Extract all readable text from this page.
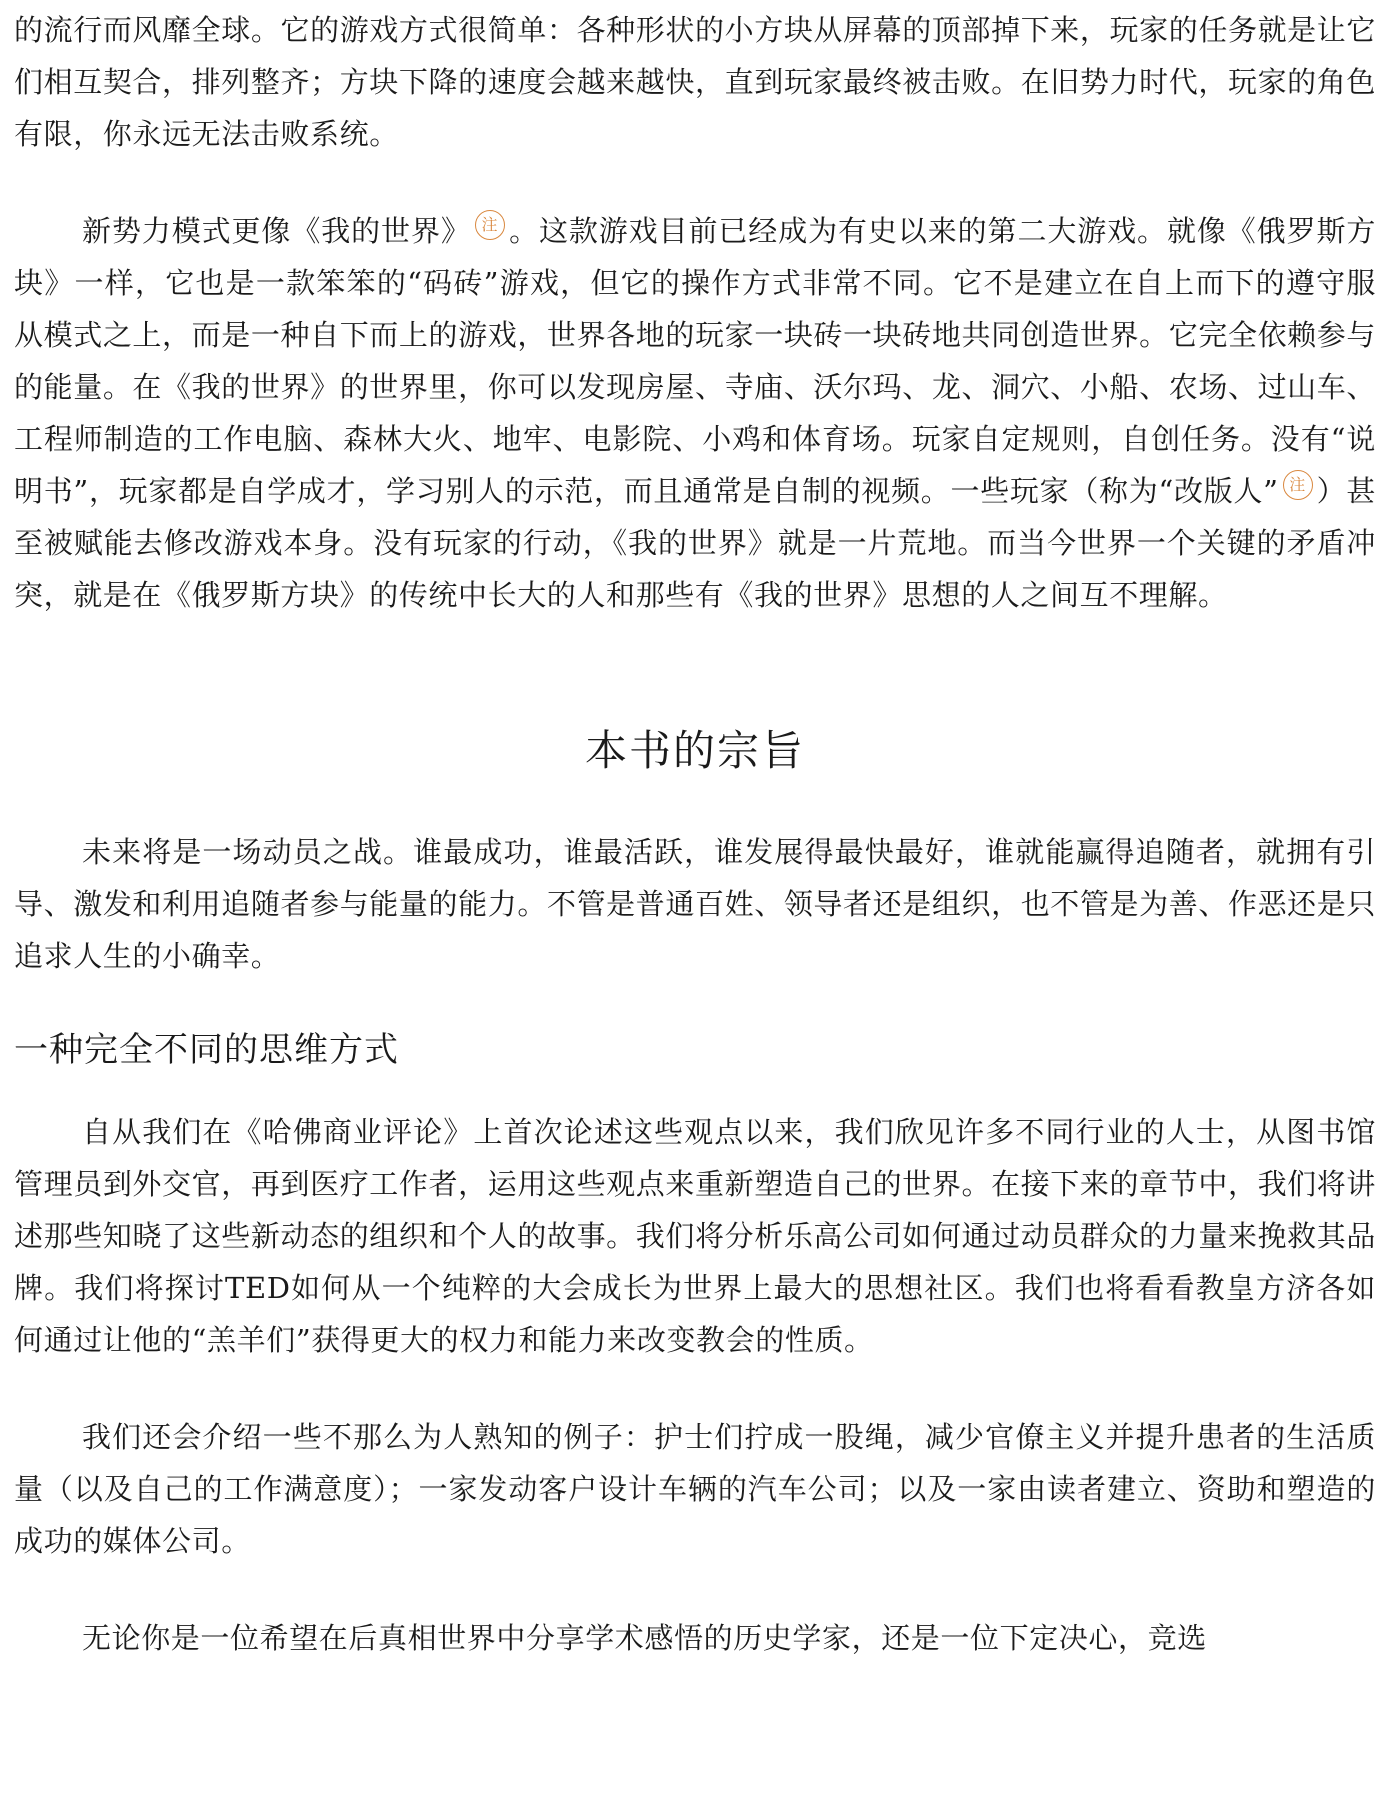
的流行而风靡全球。它的游戏方式很简单：各种形状的小方块从屏幕的顶部掉下来，玩家的任务就是让它们相互契合，排列整齐；方块下降的速度会越来越快，直到玩家最终被击败。在旧势力时代，玩家的角色有限，你永远无法击败系统。

新势力模式更像《我的世界》 注 。这款游戏目前已经成为有史以来的第二大游戏。就像《俄罗斯方块》一样，它也是一款笨笨的“码砖”游戏，但它的操作方式非常不同。它不是建立在自上而下的遵守服从模式之上，而是一种自下而上的游戏，世界各地的玩家一块砖一块砖地共同创造世界。它完全依赖参与的能量。在《我的世界》的世界里，你可以发现房屋、寺庙、沃尔玛、龙、洞穴、小船、农场、过山车、工程师制造的工作电脑、森林大火、地牢、电影院、小鸡和体育场。玩家自定规则，自创任务。没有“说明书”，玩家都是自学成才，学习别人的示范，而且通常是自制的视频。一些玩家（称为“改版人” 注 ）甚至被赋能去修改游戏本身。没有玩家的行动，《我的世界》就是一片荒地。而当今世界一个关键的矛盾冲突，就是在《俄罗斯方块》的传统中长大的人和那些有《我的世界》思想的人之间互不理解。

本书的宗旨

未来将是一场动员之战。谁最成功，谁最活跃，谁发展得最快最好，谁就能赢得追随者，就拥有引导、激发和利用追随者参与能量的能力。不管是普通百姓、领导者还是组织，也不管是为善、作恶还是只追求人生的小确幸。

一种完全不同的思维方式

自从我们在《哈佛商业评论》上首次论述这些观点以来，我们欣见许多不同行业的人士，从图书馆管理员到外交官，再到医疗工作者，运用这些观点来重新塑造自己的世界。在接下来的章节中，我们将讲述那些知晓了这些新动态的组织和个人的故事。我们将分析乐高公司如何通过动员群众的力量来挽救其品牌。我们将探讨TED如何从一个纯粹的大会成长为世界上最大的思想社区。我们也将看看教皇方济各如何通过让他的“羔羊们”获得更大的权力和能力来改变教会的性质。

我们还会介绍一些不那么为人熟知的例子：护士们拧成一股绳，减少官僚主义并提升患者的生活质量（以及自己的工作满意度）；一家发动客户设计车辆的汽车公司；以及一家由读者建立、资助和塑造的成功的媒体公司。

无论你是一位希望在后真相世界中分享学术感悟的历史学家，还是一位下定决心，竞选
